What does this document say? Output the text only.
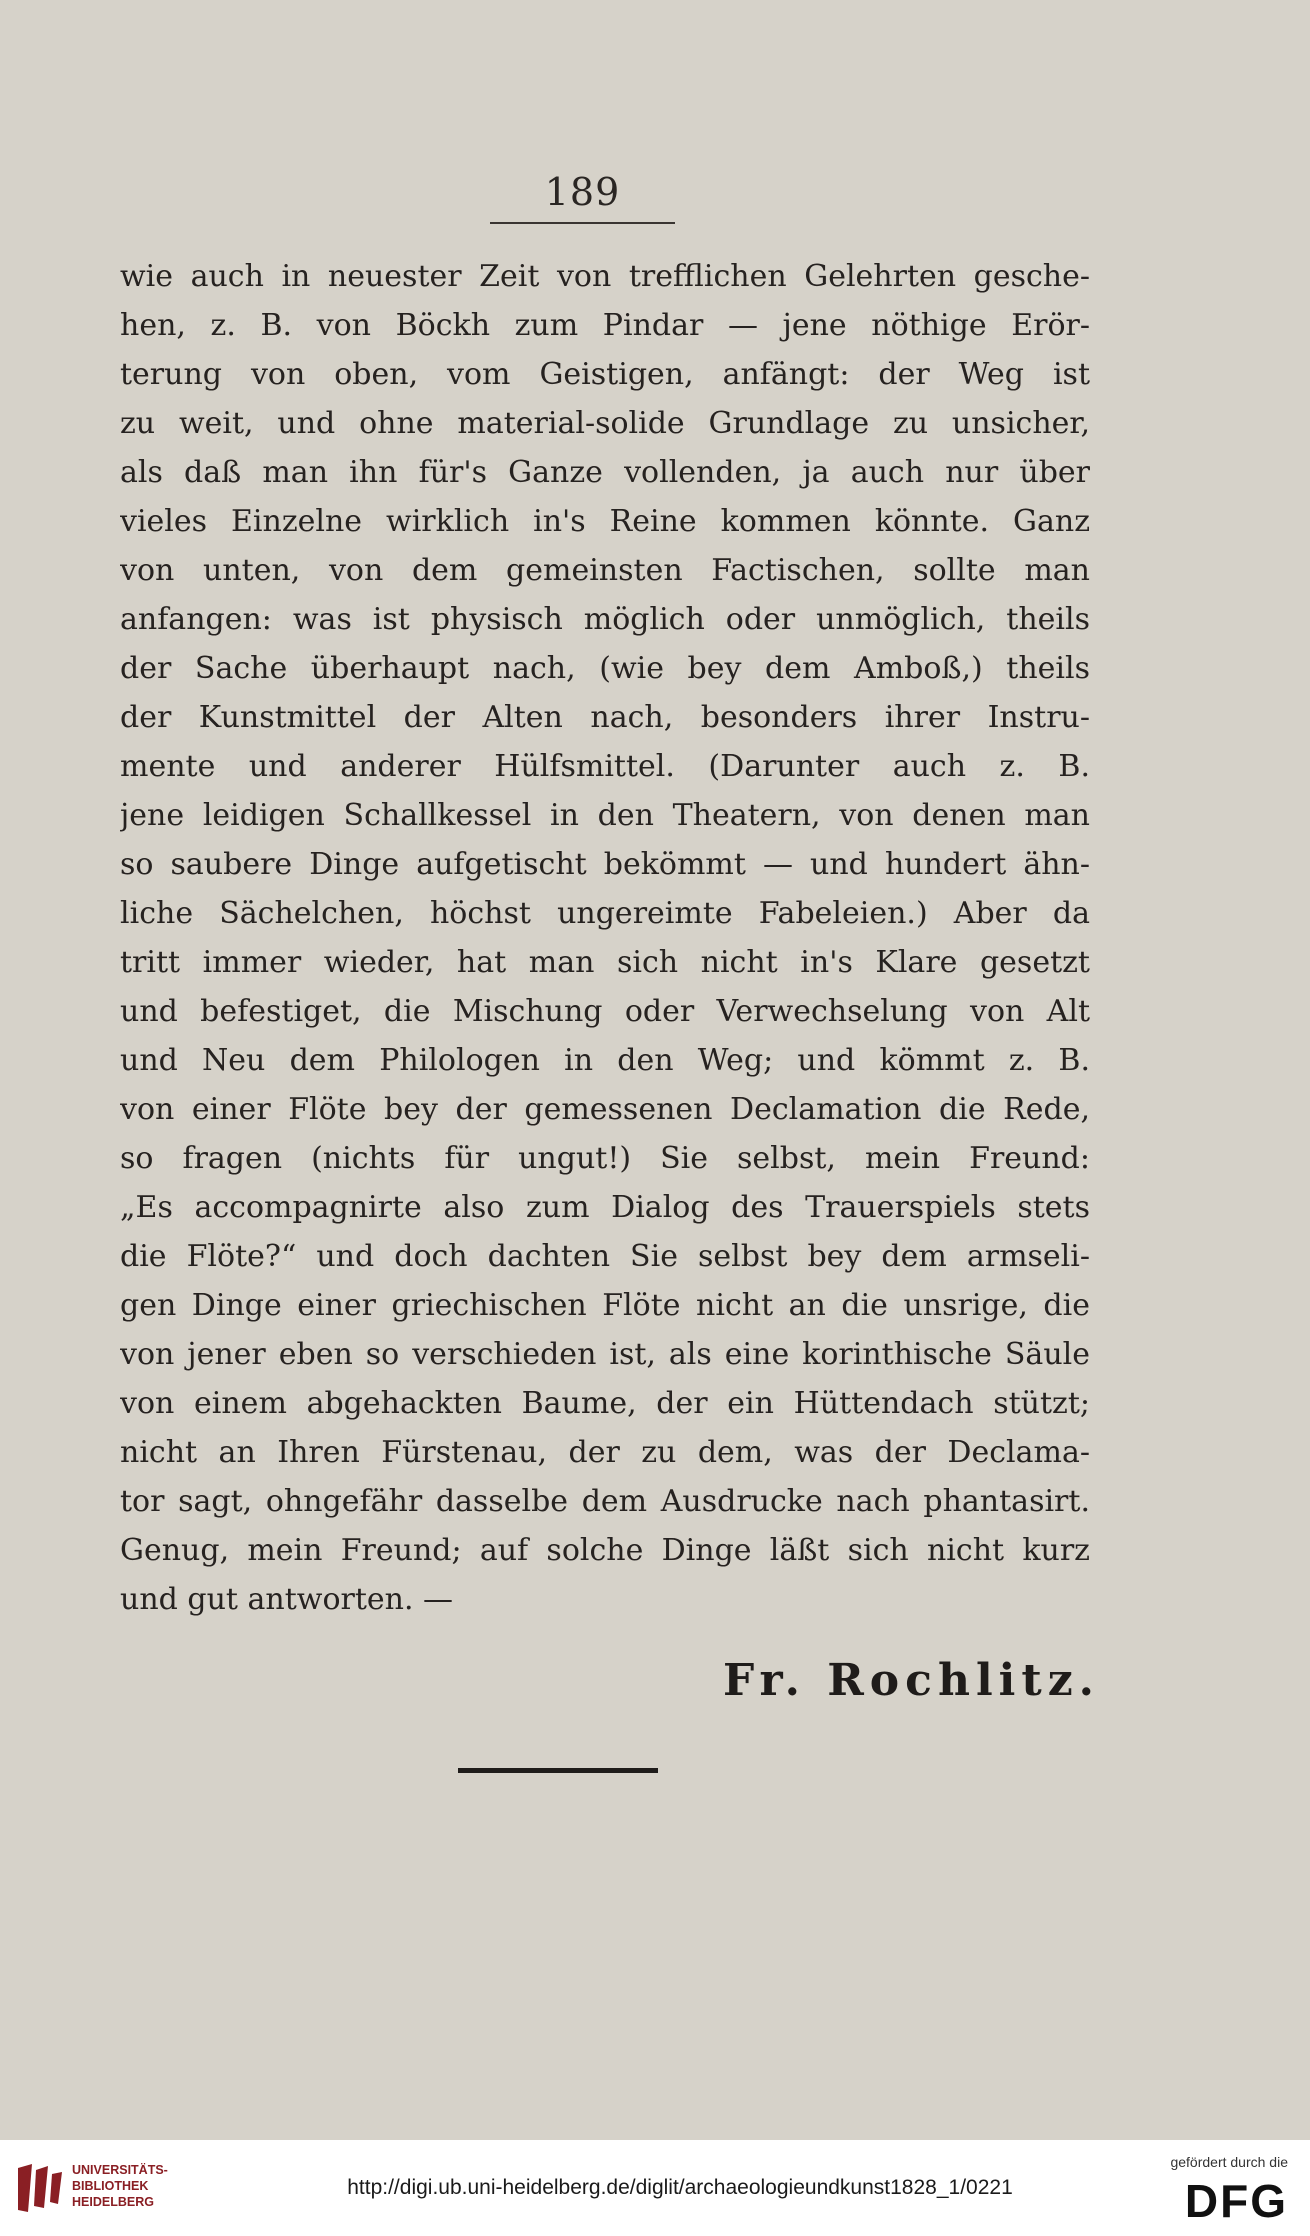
189
wie auch in neuester Zeit von trefflichen Gelehrten gesche-
hen, z. B. von Böckh zum Pindar — jene nöthige Erör-
terung von oben, vom Geistigen, anfängt: der Weg ist
zu weit, und ohne material-solide Grundlage zu unsicher,
als daß man ihn für's Ganze vollenden, ja auch nur über
vieles Einzelne wirklich in's Reine kommen könnte. Ganz
von unten, von dem gemeinsten Factischen, sollte man
anfangen: was ist physisch möglich oder unmöglich, theils
der Sache überhaupt nach, (wie bey dem Amboß,) theils
der Kunstmittel der Alten nach, besonders ihrer Instru-
mente und anderer Hülfsmittel. (Darunter auch z. B.
jene leidigen Schallkessel in den Theatern, von denen man
so saubere Dinge aufgetischt bekömmt — und hundert ähn-
liche Sächelchen, höchst ungereimte Fabeleien.) Aber da
tritt immer wieder, hat man sich nicht in's Klare gesetzt
und befestiget, die Mischung oder Verwechselung von Alt
und Neu dem Philologen in den Weg; und kömmt z. B.
von einer Flöte bey der gemessenen Declamation die Rede,
so fragen (nichts für ungut!) Sie selbst, mein Freund:
„Es accompagnirte also zum Dialog des Trauerspiels stets
die Flöte?“ und doch dachten Sie selbst bey dem armseli-
gen Dinge einer griechischen Flöte nicht an die unsrige, die
von jener eben so verschieden ist, als eine korinthische Säule
von einem abgehackten Baume, der ein Hüttendach stützt;
nicht an Ihren Fürstenau, der zu dem, was der Declama-
tor sagt, ohngefähr dasselbe dem Ausdrucke nach phantasirt.
Genug, mein Freund; auf solche Dinge läßt sich nicht kurz
und gut antworten. —
Fr. Rochlitz.
UNIVERSITÄTS-
BIBLIOTHEK
HEIDELBERG
http://digi.ub.uni-heidelberg.de/diglit/archaeologieundkunst1828_1/0221
gefördert durch die
DFG
